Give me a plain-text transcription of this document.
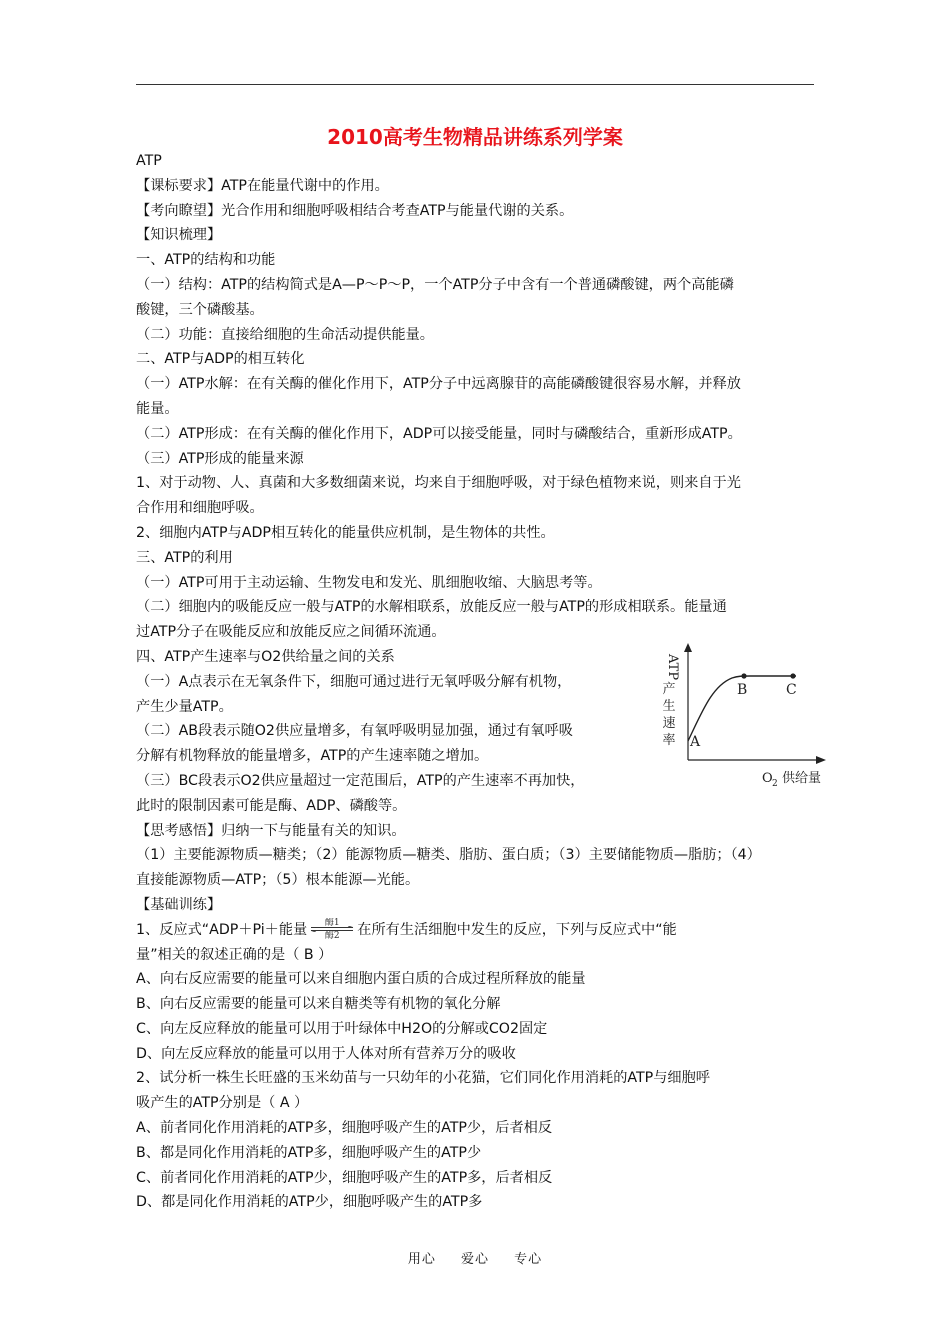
2010高考生物精品讲练系列学案
ATP
【课标要求】ATP在能量代谢中的作用。
【考向瞭望】光合作用和细胞呼吸相结合考查ATP与能量代谢的关系。
【知识梳理】
一、ATP的结构和功能
（一）结构：ATP的结构简式是A—P～P～P，一个ATP分子中含有一个普通磷酸键，两个高能磷
酸键，三个磷酸基。
（二）功能：直接给细胞的生命活动提供能量。
二、ATP与ADP的相互转化
（一）ATP水解：在有关酶的催化作用下，ATP分子中远离腺苷的高能磷酸键很容易水解，并释放
能量。
（二）ATP形成：在有关酶的催化作用下，ADP可以接受能量，同时与磷酸结合，重新形成ATP。
（三）ATP形成的能量来源
1、对于动物、人、真菌和大多数细菌来说，均来自于细胞呼吸，对于绿色植物来说，则来自于光
合作用和细胞呼吸。
2、细胞内ATP与ADP相互转化的能量供应机制，是生物体的共性。
三、ATP的利用
（一）ATP可用于主动运输、生物发电和发光、肌细胞收缩、大脑思考等。
（二）细胞内的吸能反应一般与ATP的水解相联系，放能反应一般与ATP的形成相联系。能量通
过ATP分子在吸能反应和放能反应之间循环流通。
四、ATP产生速率与O2供给量之间的关系
（一）A点表示在无氧条件下，细胞可通过进行无氧呼吸分解有机物，
产生少量ATP。
（二）AB段表示随O2供应量增多，有氧呼吸明显加强，通过有氧呼吸
分解有机物释放的能量增多，ATP的产生速率随之增加。
（三）BC段表示O2供应量超过一定范围后，ATP的产生速率不再加快，
此时的限制因素可能是酶、ADP、磷酸等。
【思考感悟】归纳一下与能量有关的知识。
（1）主要能源物质—糖类；（2）能源物质—糖类、脂肪、蛋白质；（3）主要储能物质—脂肪；（4）
直接能源物质—ATP；（5）根本能源—光能。
【基础训练】
1、反应式“ADP＋Pi＋能量	酶1
酶2	在所有生活细胞中发生的反应，下列与反应式中“能
量”相关的叙述正确的是（ B ）
A、向右反应需要的能量可以来自细胞内蛋白质的合成过程所释放的能量
B、向右反应需要的能量可以来自糖类等有机物的氧化分解
C、向左反应释放的能量可以用于叶绿体中H2O的分解或CO2固定
D、向左反应释放的能量可以用于人体对所有营养万分的吸收
2、试分析一株生长旺盛的玉米幼苗与一只幼年的小花猫，它们同化作用消耗的ATP与细胞呼
吸产生的ATP分别是（ A ）
A、前者同化作用消耗的ATP多，细胞呼吸产生的ATP少，后者相反
B、都是同化作用消耗的ATP多，细胞呼吸产生的ATP少
C、前者同化作用消耗的ATP少，细胞呼吸产生的ATP多，后者相反
D、都是同化作用消耗的ATP少，细胞呼吸产生的ATP多
ATP
产
生
速
率 A
B	C
O 2 供给量
用心 爱心 专心
